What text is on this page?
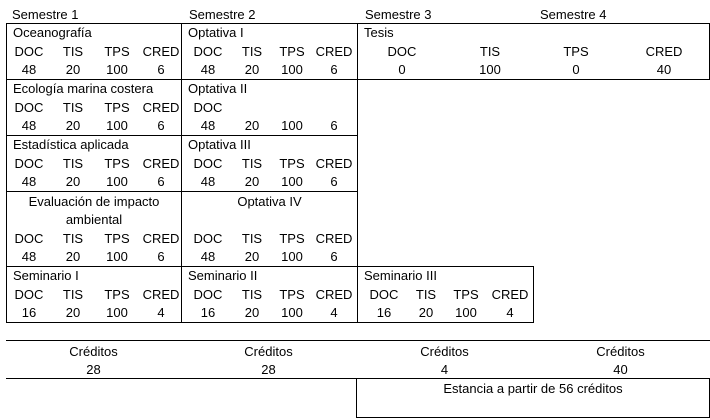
Semestre 1	Semestre 2	Semestre 3	Semestre 4
Oceanografía
DOC	TIS	TPS CRED
48	20	100	6
Ecología marina costera
DOC	TIS	TPS CRED
48	20	100	6
Estadística aplicada
DOC	TIS	TPS CRED
48	20	100	6
Evaluación de impacto ambiental
DOC	TIS	TPS CRED
48	20	100	6
Seminario I
DOC	TIS	TPS CRED
16	20	100	4
Optativa I
DOC	TIS	TPS CRED
48	20	100	6
Optativa II
DOC
48	20	100	6
Optativa III
DOC	TIS	TPS CRED
48	20	100	6
Optativa IV
DOC	TIS	TPS CRED
48	20	100	6
Seminario II
DOC	TIS	TPS CRED
16	20	100	4
Tesis
DOC	TIS	TPS	CRED
0	100	0	40
Seminario III
DOC	TIS	TPS CRED
16	20	100	4
Créditos	Créditos	Créditos	Créditos
28	28	4	40
Estancia a partir de 56 créditos
